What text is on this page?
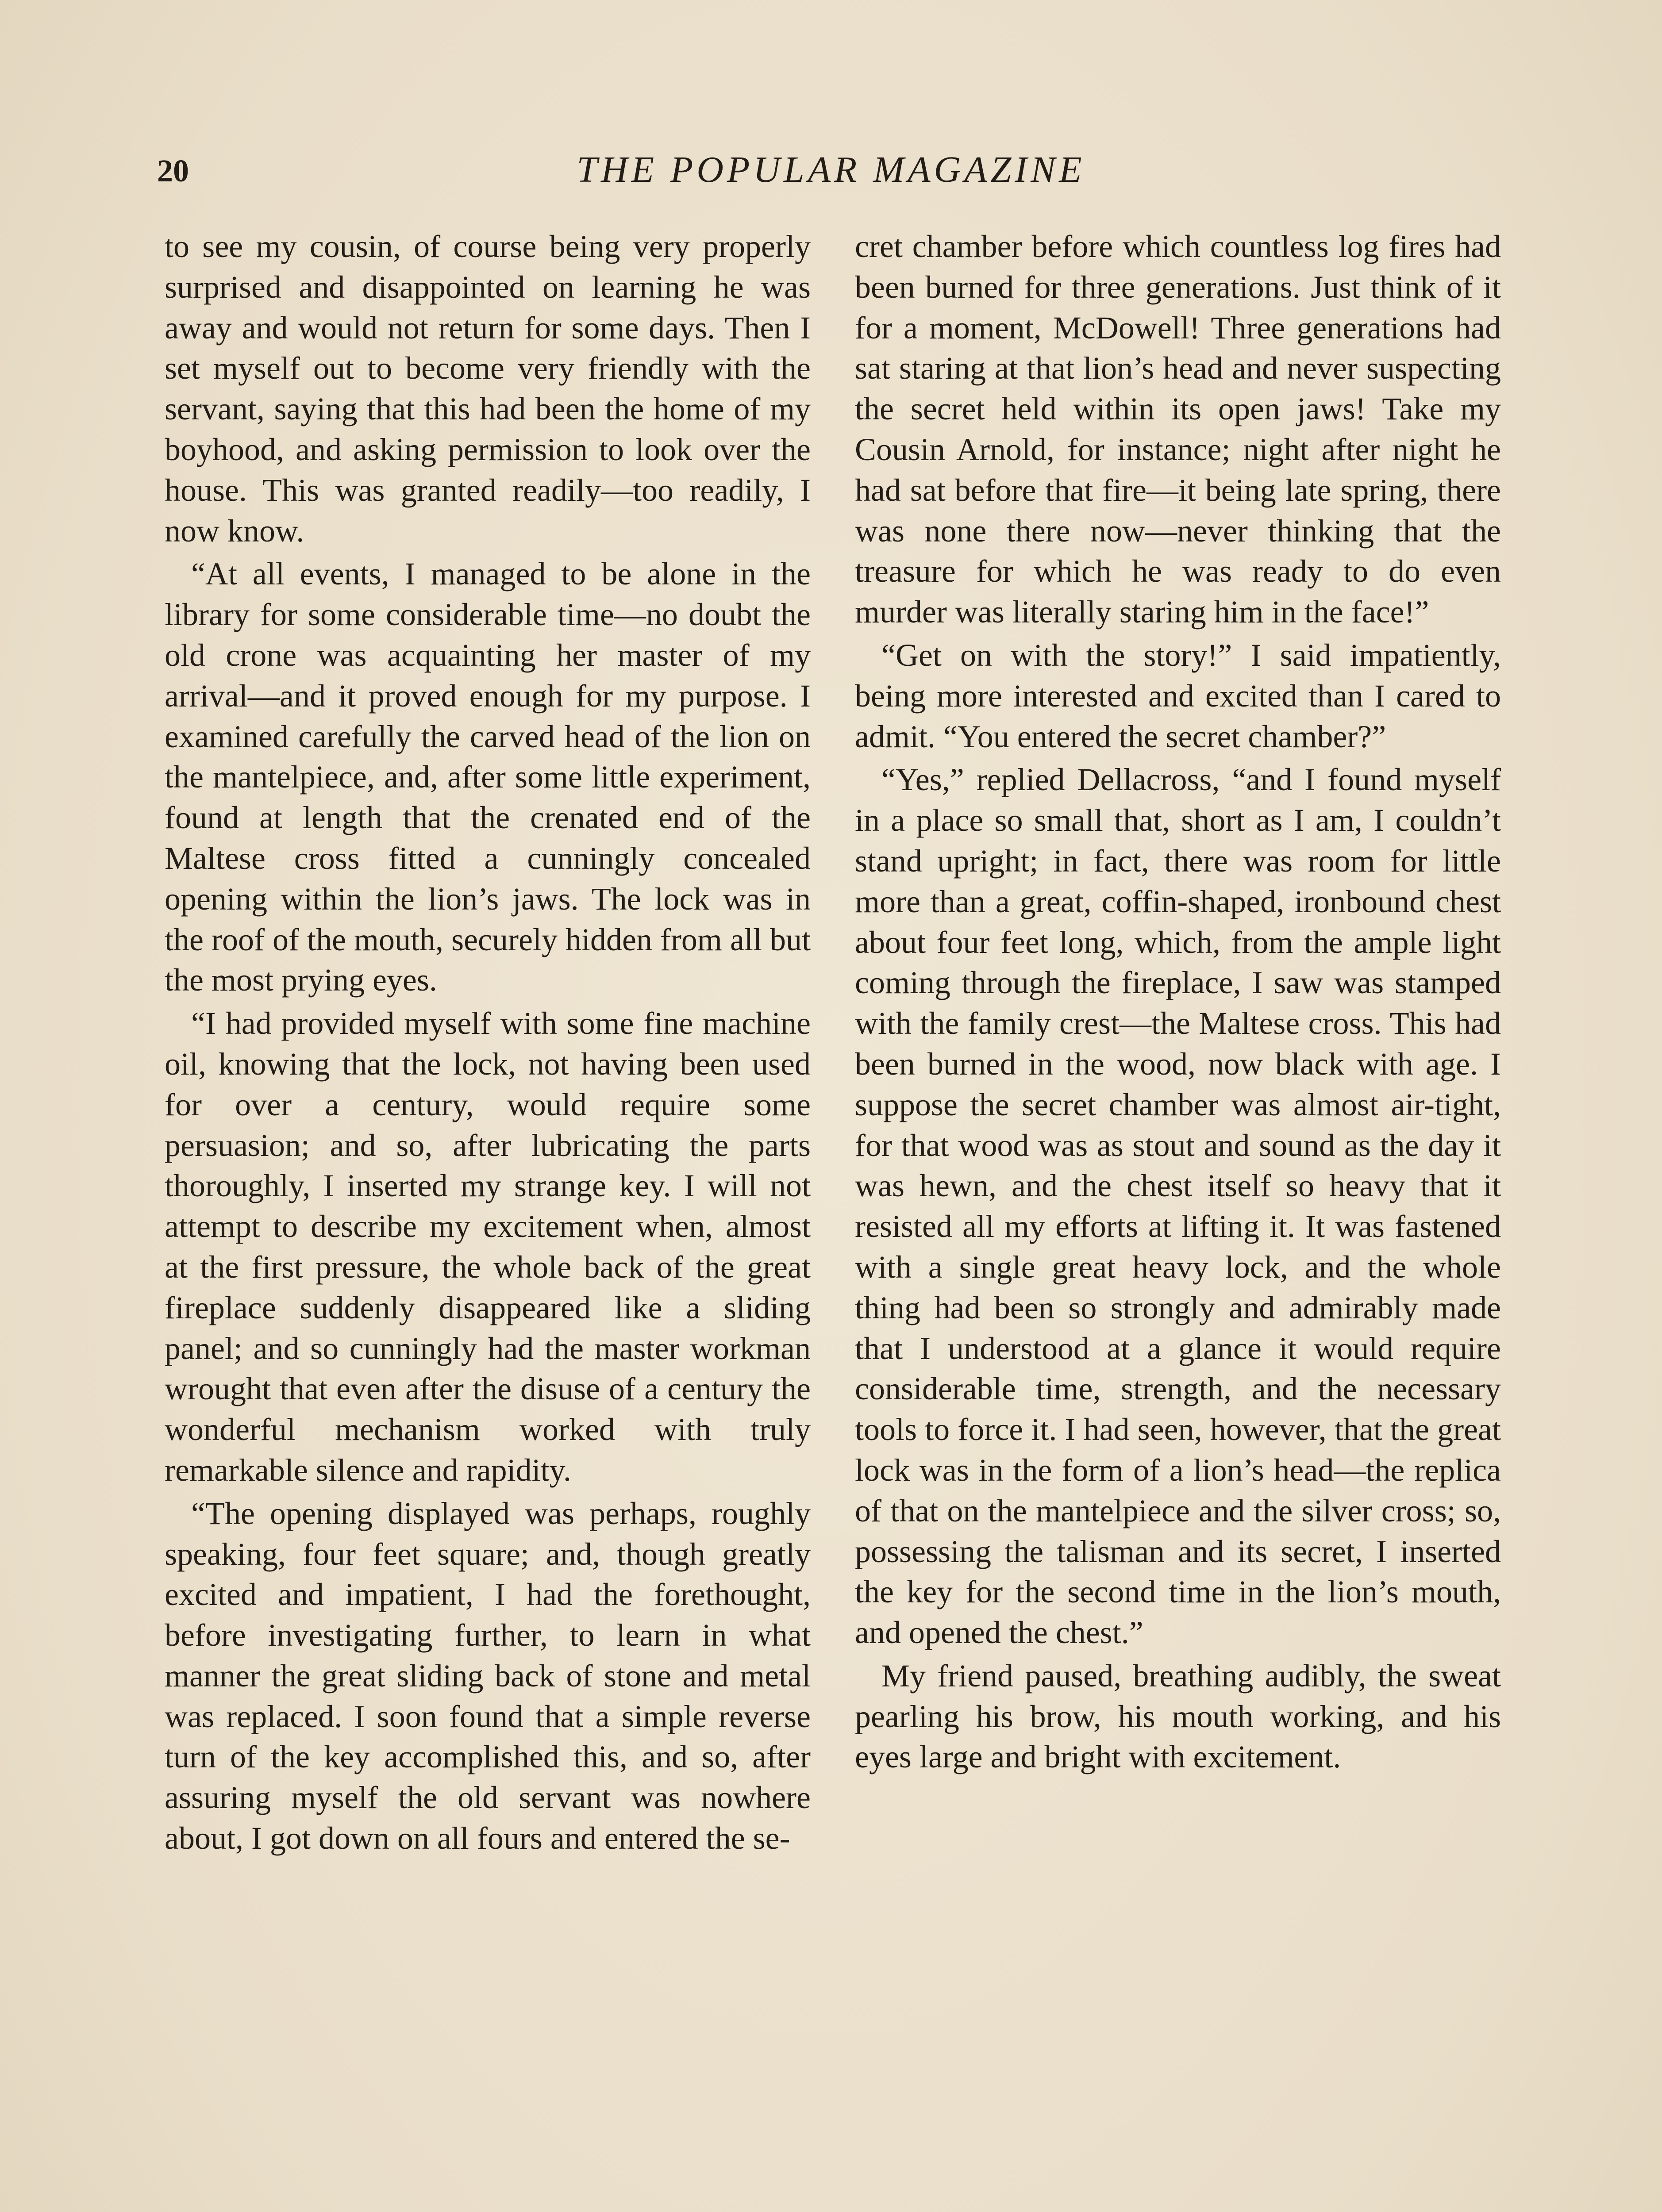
20	THE POPULAR MAGAZINE

to see my cousin, of course being very properly surprised and disappointed on learning he was away and would not return for some days. Then I set myself out to become very friendly with the servant, saying that this had been the home of my boyhood, and asking permission to look over the house. This was granted readily—too readily, I now know.

“At all events, I managed to be alone in the library for some considerable time—no doubt the old crone was acquainting her master of my arrival—and it proved enough for my purpose. I examined carefully the carved head of the lion on the mantelpiece, and, after some little experiment, found at length that the crenated end of the Maltese cross fitted a cunningly concealed opening within the lion’s jaws. The lock was in the roof of the mouth, securely hidden from all but the most prying eyes.

“I had provided myself with some fine machine oil, knowing that the lock, not having been used for over a century, would require some persuasion; and so, after lubricating the parts thoroughly, I inserted my strange key. I will not attempt to describe my excitement when, almost at the first pressure, the whole back of the great fireplace suddenly disappeared like a sliding panel; and so cunningly had the master workman wrought that even after the disuse of a century the wonderful mechanism worked with truly remarkable silence and rapidity.

“The opening displayed was perhaps, roughly speaking, four feet square; and, though greatly excited and impatient, I had the forethought, before investigating further, to learn in what manner the great sliding back of stone and metal was replaced. I soon found that a simple reverse turn of the key accomplished this, and so, after assuring myself the old servant was nowhere about, I got down on all fours and entered the se-

cret chamber before which countless log fires had been burned for three generations. Just think of it for a moment, McDowell! Three generations had sat staring at that lion’s head and never suspecting the secret held within its open jaws! Take my Cousin Arnold, for instance; night after night he had sat before that fire—it being late spring, there was none there now—never thinking that the treasure for which he was ready to do even murder was literally staring him in the face!”

“Get on with the story!” I said impatiently, being more interested and excited than I cared to admit. “You entered the secret chamber?”

“Yes,” replied Dellacross, “and I found myself in a place so small that, short as I am, I couldn’t stand upright; in fact, there was room for little more than a great, coffin-shaped, ironbound chest about four feet long, which, from the ample light coming through the fireplace, I saw was stamped with the family crest—the Maltese cross. This had been burned in the wood, now black with age. I suppose the secret chamber was almost air-tight, for that wood was as stout and sound as the day it was hewn, and the chest itself so heavy that it resisted all my efforts at lifting it. It was fastened with a single great heavy lock, and the whole thing had been so strongly and admirably made that I understood at a glance it would require considerable time, strength, and the necessary tools to force it. I had seen, however, that the great lock was in the form of a lion’s head—the replica of that on the mantelpiece and the silver cross; so, possessing the talisman and its secret, I inserted the key for the second time in the lion’s mouth, and opened the chest.”

My friend paused, breathing audibly, the sweat pearling his brow, his mouth working, and his eyes large and bright with excitement.
